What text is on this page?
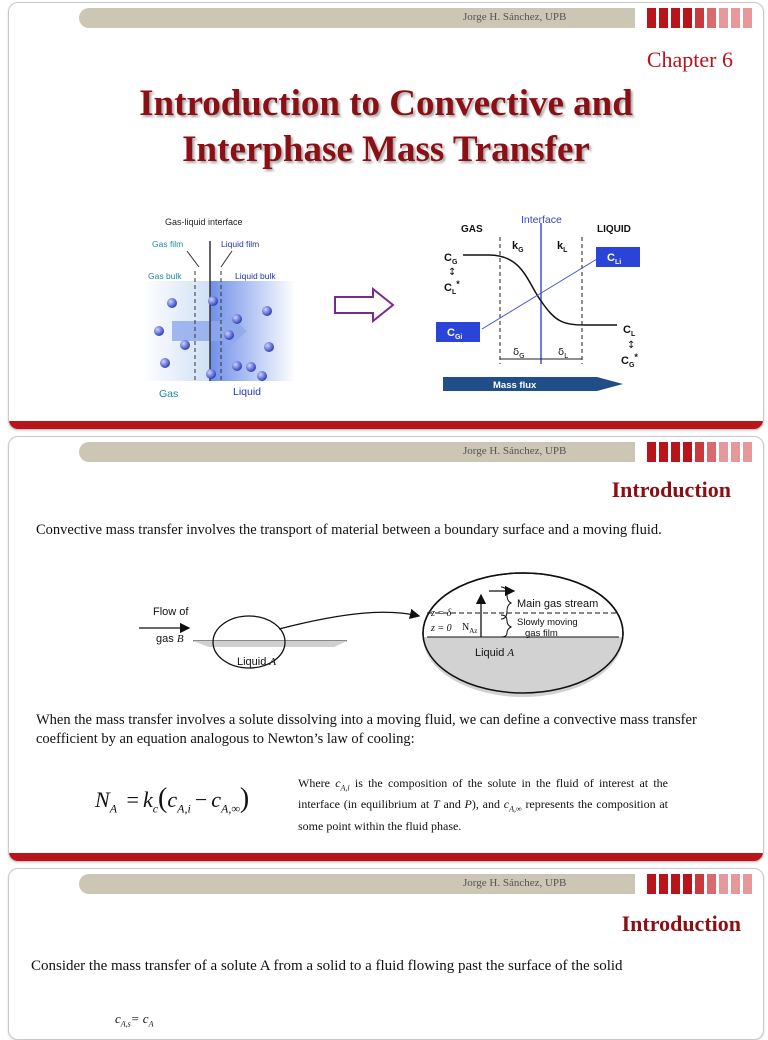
Jorge H. Sánchez, UPB
Chapter 6
Introduction to Convective and
Interphase Mass Transfer
Gas-liquid interface
Gas film	Liquid film
Gas bulk	Liquid bulk
Gas	Liquid
GAS
Interface
LIQUID
$k_G$	$k_L$
$C_G$
↕
$C_L^*$
$C_{Li}$
$C_{Gi}$
$C_L$
↕
$C_G^*$
$\delta_G$	$\delta_L$
Mass flux
Jorge H. Sánchez, UPB
Introduction
Convective mass transfer involves the transport of material between a boundary surface and a moving fluid.
Flow of
gas B
Liquid A
z = δ
z = 0 $N_{Az}$
Main gas stream
Slowly moving
gas film
Liquid A
When the mass transfer involves a solute dissolving into a moving fluid, we can define a convective mass transfer coefficient by an equation analogous to Newton’s law of cooling:
$N_A = k_c(c_{A,i} - c_{A,\infty})$	Where $c_{A,i}$ is the composition of the solute in the fluid of interest at the interface (in equilibrium at T and P), and $c_{A,\infty}$ represents the composition at some point within the fluid phase.
Jorge H. Sánchez, UPB
Introduction
Consider the mass transfer of a solute A from a solid to a fluid flowing past the surface of the solid
$c_{A,s}= c_A$
